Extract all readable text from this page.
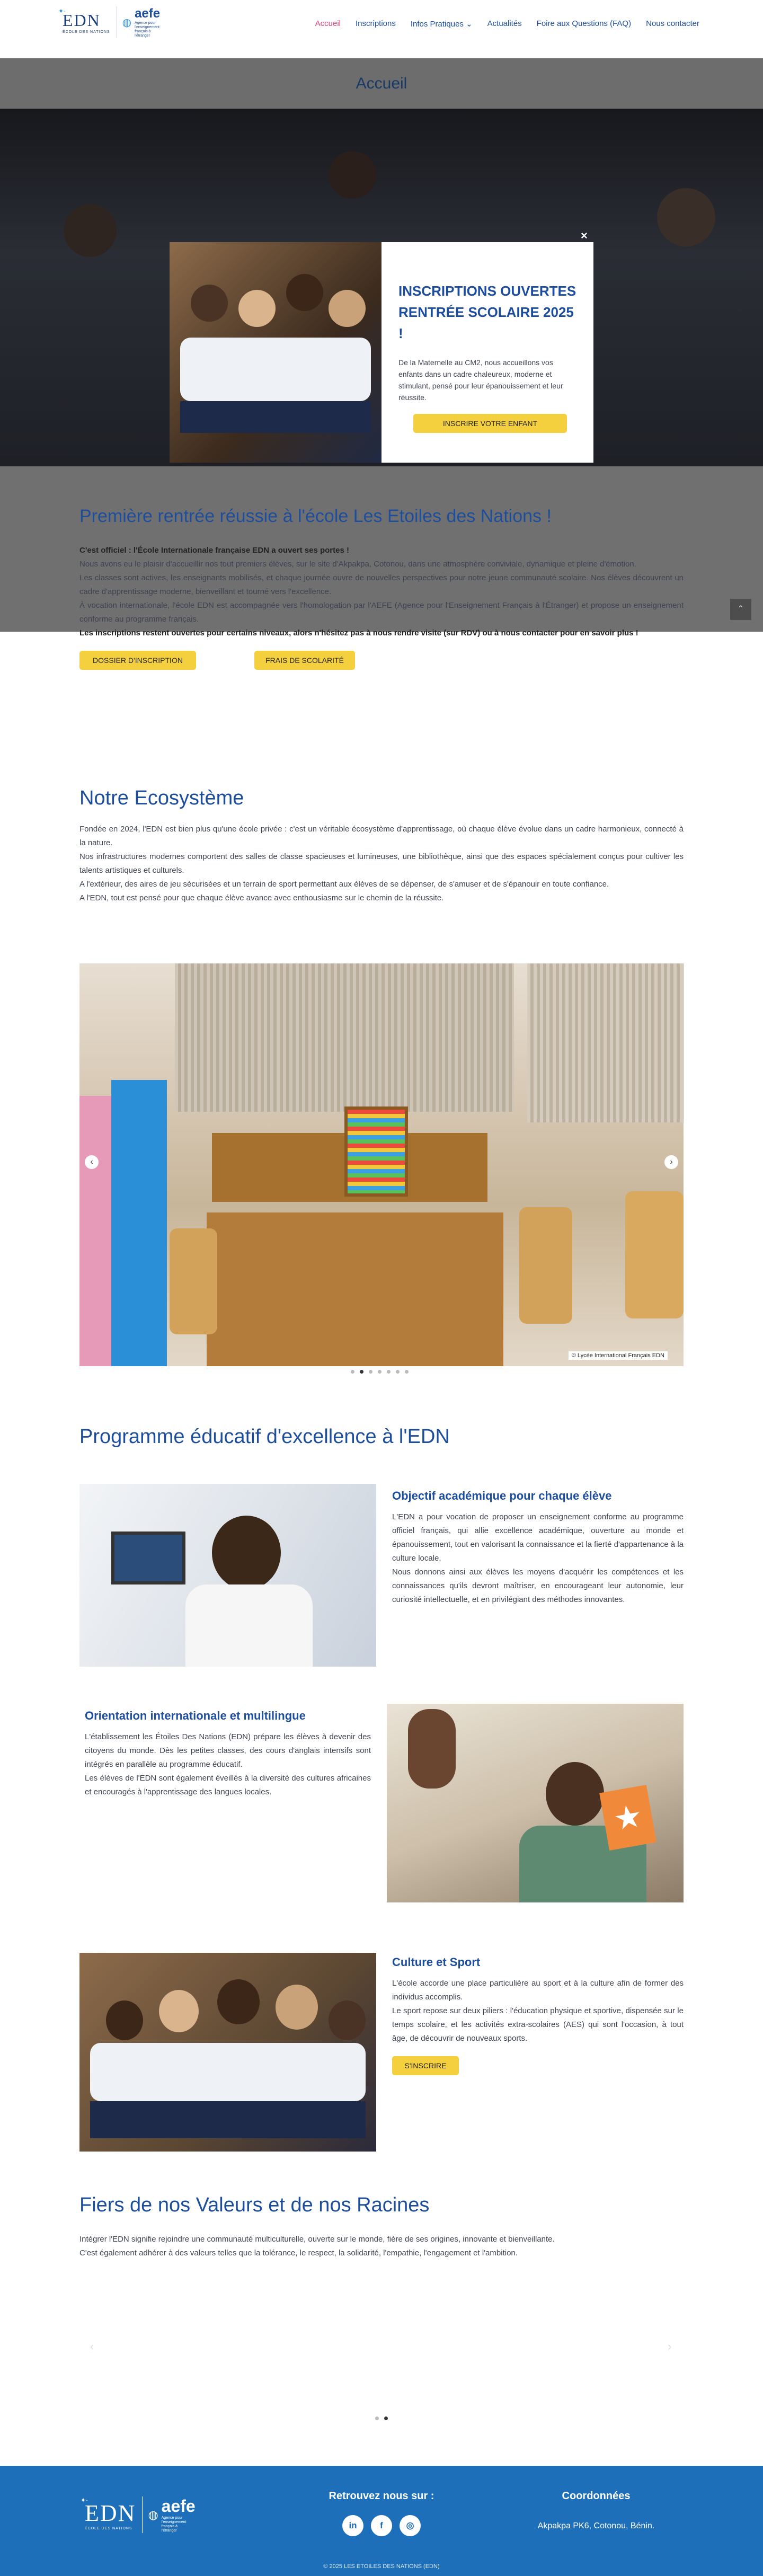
✦·
EDN
ÉCOLE DES NATIONS
◍
aefe
Agence pour l'enseignement français à l'étranger
Accueil Inscriptions Infos Pratiques ⌄ Actualités Foire aux Questions (FAQ) Nous contacter
Accueil
×
INSCRIPTIONS OUVERTES
RENTRÉE SCOLAIRE 2025 !

De la Maternelle au CM2, nous accueillons vos enfants dans un cadre chaleureux, moderne et stimulant, pensé pour leur épanouissement et leur réussite.

INSCRIRE VOTRE ENFANT
⌃
Première rentrée réussie à l'école Les Etoiles des Nations !

C'est officiel : l'École Internationale française EDN a ouvert ses portes !

Nous avons eu le plaisir d'accueillir nos tout premiers élèves, sur le site d'Akpakpa, Cotonou, dans une atmosphère conviviale, dynamique et pleine d'émotion.

Les classes sont actives, les enseignants mobilisés, et chaque journée ouvre de nouvelles perspectives pour notre jeune communauté scolaire. Nos élèves découvrent un cadre d'apprentissage moderne, bienveillant et tourné vers l'excellence.

À vocation internationale, l'école EDN est accompagnée vers l'homologation par l'AEFE (Agence pour l'Enseignement Français à l'Étranger) et propose un enseignement conforme au programme français.

Les inscriptions restent ouvertes pour certains niveaux, alors n'hésitez pas à nous rendre visite (sur RDV) ou à nous contacter pour en savoir plus !

DOSSIER D'INSCRIPTION	FRAIS DE SCOLARITÉ
Notre Ecosystème

Fondée en 2024, l'EDN est bien plus qu'une école privée : c'est un véritable écosystème d'apprentissage, où chaque élève évolue dans un cadre harmonieux, connecté à la nature.

Nos infrastructures modernes comportent des salles de classe spacieuses et lumineuses, une bibliothèque, ainsi que des espaces spécialement conçus pour cultiver les talents artistiques et culturels.

A l'extérieur, des aires de jeu sécurisées et un terrain de sport permettant aux élèves de se dépenser, de s'amuser et de s'épanouir en toute confiance.

A l'EDN, tout est pensé pour que chaque élève avance avec enthousiasme sur le chemin de la réussite.

‹	›
© Lycée International Français EDN
Programme éducatif d'excellence à l'EDN
Objectif académique pour chaque élève

L'EDN a pour vocation de proposer un enseignement conforme au programme officiel français, qui allie excellence académique, ouverture au monde et épanouissement, tout en valorisant la connaissance et la fierté d'appartenance à la culture locale.

Nous donnons ainsi aux élèves les moyens d'acquérir les compétences et les connaissances qu'ils devront maîtriser, en encourageant leur autonomie, leur curiosité intellectuelle, et en privilégiant des méthodes innovantes.

Orientation internationale et multilingue

L'établissement les Étoiles Des Nations (EDN) prépare les élèves à devenir des citoyens du monde. Dès les petites classes, des cours d'anglais intensifs sont intégrés en parallèle au programme éducatif.

Les élèves de l'EDN sont également éveillés à la diversité des cultures africaines et encouragés à l'apprentissage des langues locales.

★
Culture et Sport

L'école accorde une place particulière au sport et à la culture afin de former des individus accomplis.

Le sport repose sur deux piliers : l'éducation physique et sportive, dispensée sur le temps scolaire, et les activités extra-scolaires (AES) qui sont l'occasion, à tout âge, de découvrir de nouveaux sports.

S'INSCRIRE
Fiers de nos Valeurs et de nos Racines

Intégrer l'EDN signifie rejoindre une communauté multiculturelle, ouverte sur le monde, fière de ses origines, innovante et bienveillante.

C'est également adhérer à des valeurs telles que la tolérance, le respect, la solidarité, l'empathie, l'engagement et l'ambition.

‹	›
✦·
EDN
ÉCOLE DES NATIONS
◍ aefe
Agence pour l'enseignement français à l'étranger
Retrouvez nous sur :
in	f	◎
Coordonnées
Akpakpa PK6, Cotonou, Bénin.
© 2025 LES ETOILES DES NATIONS (EDN)
